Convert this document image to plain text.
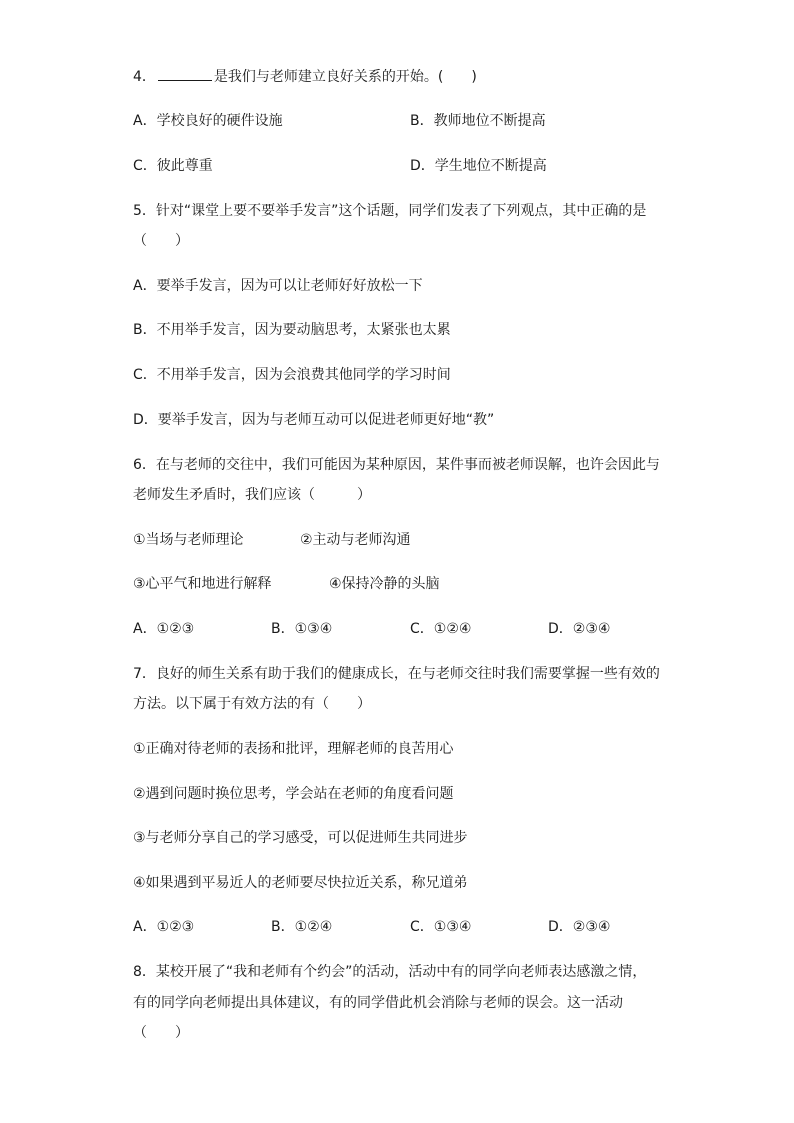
4．	是我们与老师建立良好关系的开始。(　　)
A．学校良好的硬件设施	B．教师地位不断提高
C．彼此尊重	D．学生地位不断提高
5．针对“课堂上要不要举手发言”这个话题，同学们发表了下列观点，其中正确的是
（　　）
A．要举手发言，因为可以让老师好好放松一下
B．不用举手发言，因为要动脑思考，太紧张也太累
C．不用举手发言，因为会浪费其他同学的学习时间
D．要举手发言，因为与老师互动可以促进老师更好地“教”
6．在与老师的交往中，我们可能因为某种原因，某件事而被老师误解，也许会因此与
老师发生矛盾时，我们应该（　　　）
①当场与老师理论	②主动与老师沟通
③心平气和地进行解释	④保持冷静的头脑
A．①②③	B．①③④	C．①②④	D．②③④
7．良好的师生关系有助于我们的健康成长，在与老师交往时我们需要掌握一些有效的
方法。以下属于有效方法的有（　　）
①正确对待老师的表扬和批评，理解老师的良苦用心
②遇到问题时换位思考，学会站在老师的角度看问题
③与老师分享自己的学习感受，可以促进师生共同进步
④如果遇到平易近人的老师要尽快拉近关系，称兄道弟
A．①②③	B．①②④	C．①③④	D．②③④
8．某校开展了“我和老师有个约会”的活动，活动中有的同学向老师表达感激之情，
有的同学向老师提出具体建议，有的同学借此机会消除与老师的误会。这一活动
（　　）
